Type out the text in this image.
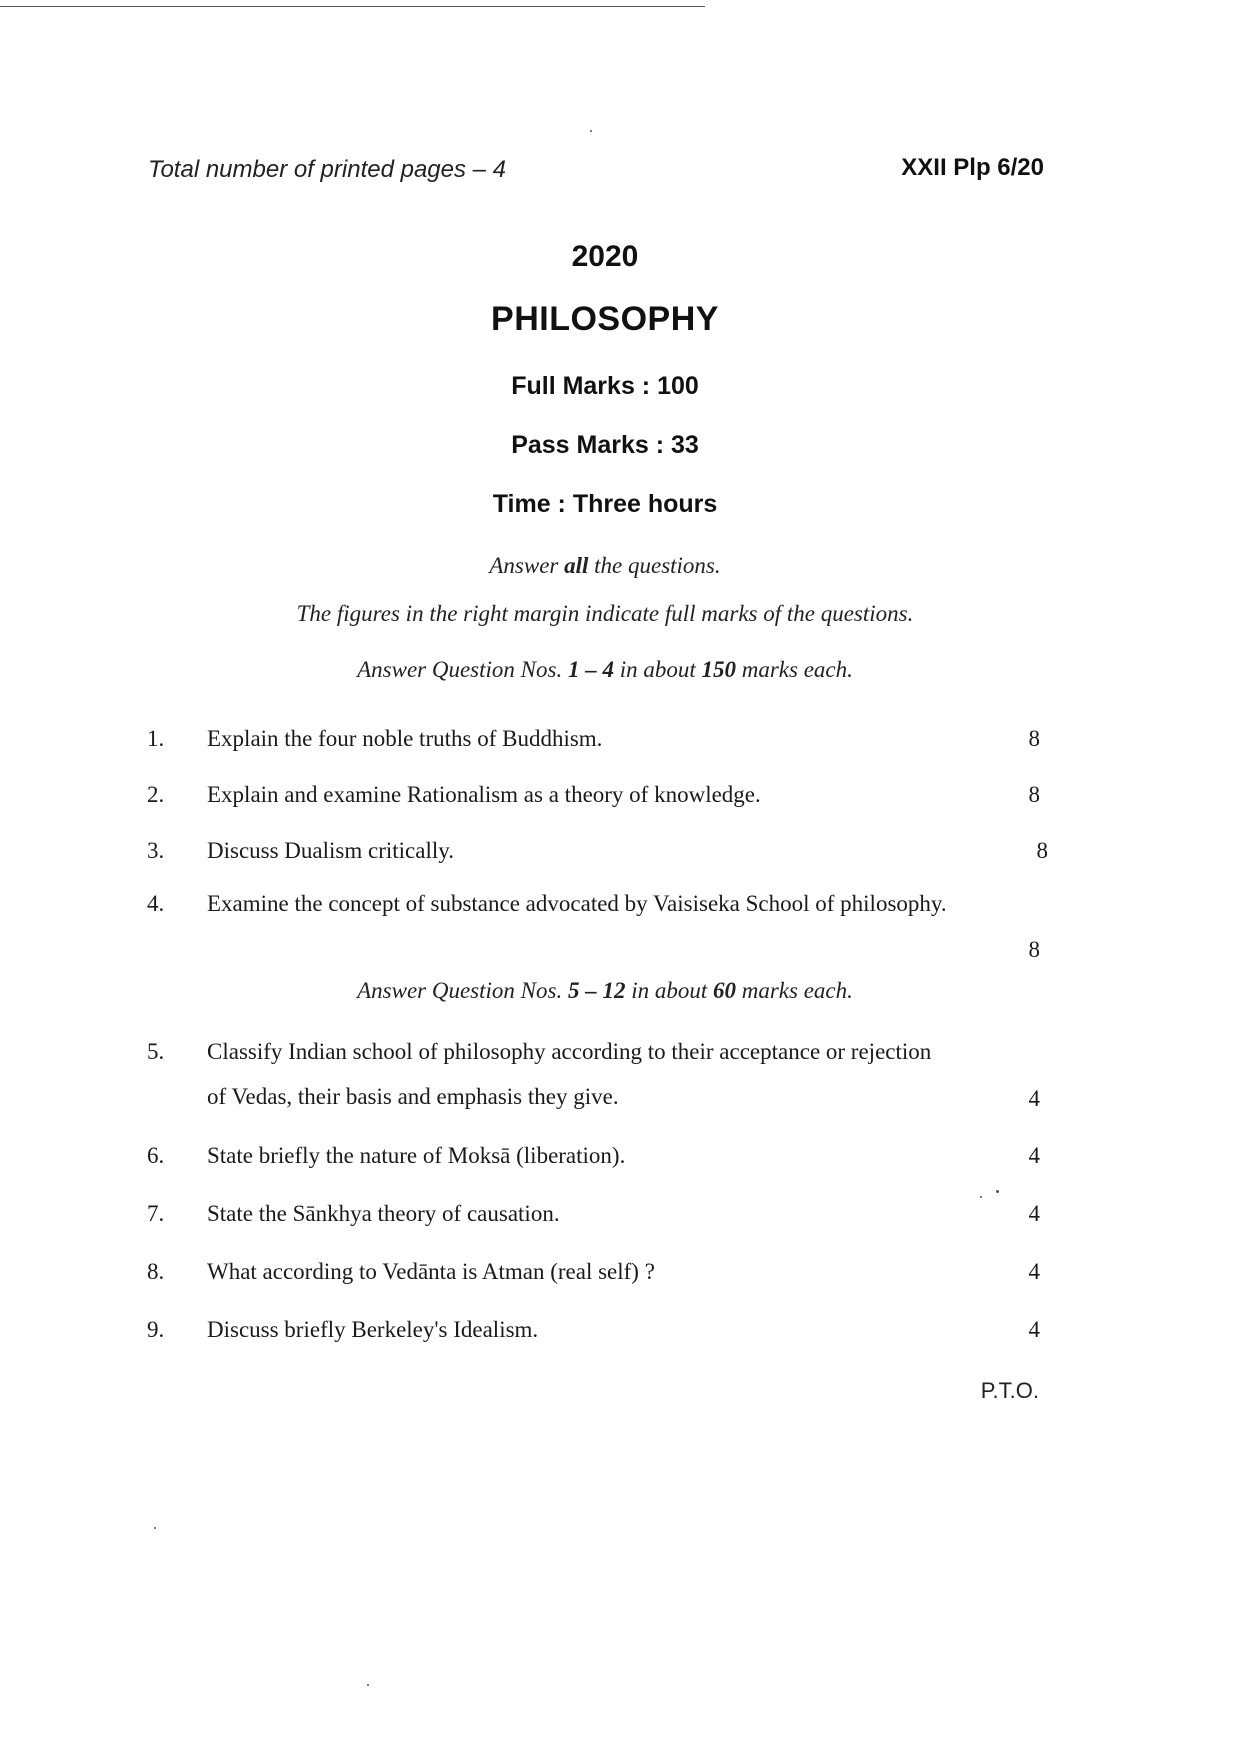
Total number of printed pages – 4	XXII Plp 6/20
2020
PHILOSOPHY
Full Marks : 100
Pass Marks : 33
Time : Three hours
Answer all the questions.
The figures in the right margin indicate full marks of the questions.
Answer Question Nos. 1 – 4 in about 150 marks each.
1.	Explain the four noble truths of Buddhism.	8
2.	Explain and examine Rationalism as a theory of knowledge.	8
3.	Discuss Dualism critically.	8
4.	Examine the concept of substance advocated by Vaisiseka School of philosophy.
8
Answer Question Nos. 5 – 12 in about 60 marks each.
5.	Classify Indian school of philosophy according to their acceptance or rejection
of Vedas, their basis and emphasis they give.	4
6.	State briefly the nature of Moksā (liberation).	4
7.	State the Sānkhya theory of causation.	4
8.	What according to Vedānta is Atman (real self) ?	4
9.	Discuss briefly Berkeley's Idealism.	4
P.T.O.
